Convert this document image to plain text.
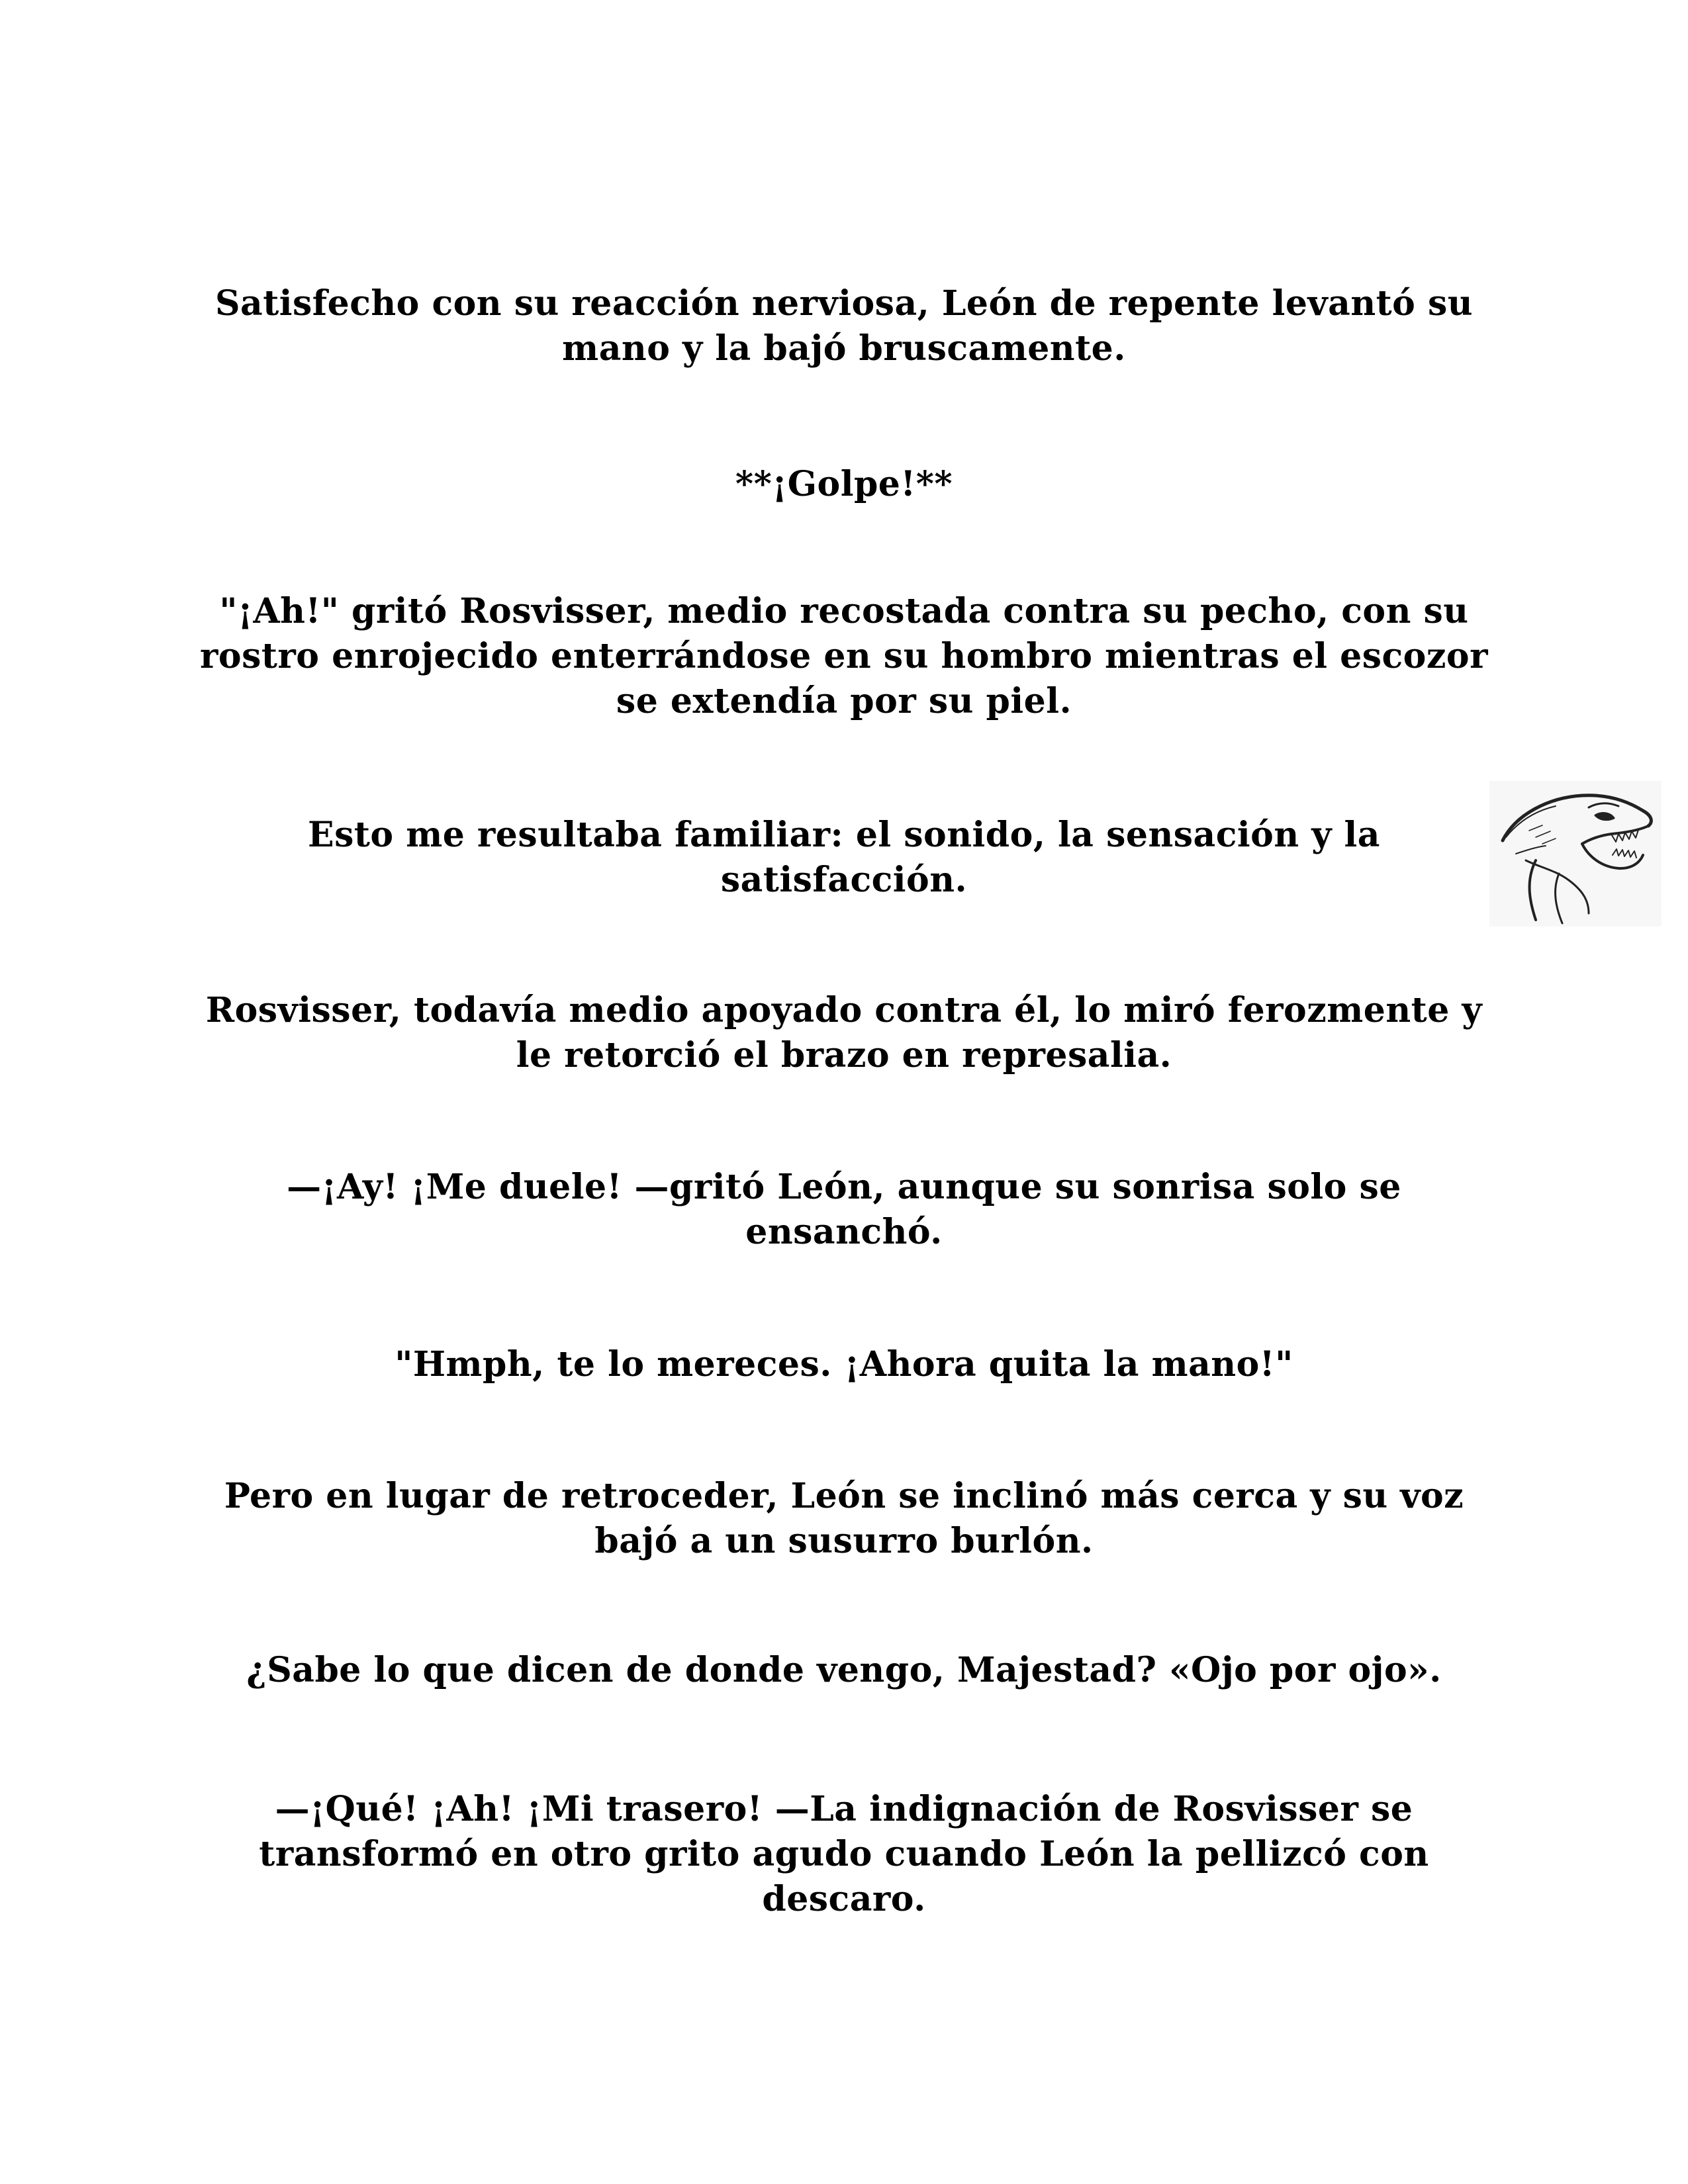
Satisfecho con su reacción nerviosa, León de repente levantó su mano y la bajó bruscamente.

**¡Golpe!**

"¡Ah!" gritó Rosvisser, medio recostada contra su pecho, con su rostro enrojecido enterrándose en su hombro mientras el escozor se extendía por su piel.

Esto me resultaba familiar: el sonido, la sensación y la satisfacción.

Rosvisser, todavía medio apoyado contra él, lo miró ferozmente y le retorció el brazo en represalia.

—¡Ay! ¡Me duele! —gritó León, aunque su sonrisa solo se ensanchó.

"Hmph, te lo mereces. ¡Ahora quita la mano!"

Pero en lugar de retroceder, León se inclinó más cerca y su voz bajó a un susurro burlón.

¿Sabe lo que dicen de donde vengo, Majestad? «Ojo por ojo».

—¡Qué! ¡Ah! ¡Mi trasero! —La indignación de Rosvisser se transformó en otro grito agudo cuando León la pellizcó con descaro.
